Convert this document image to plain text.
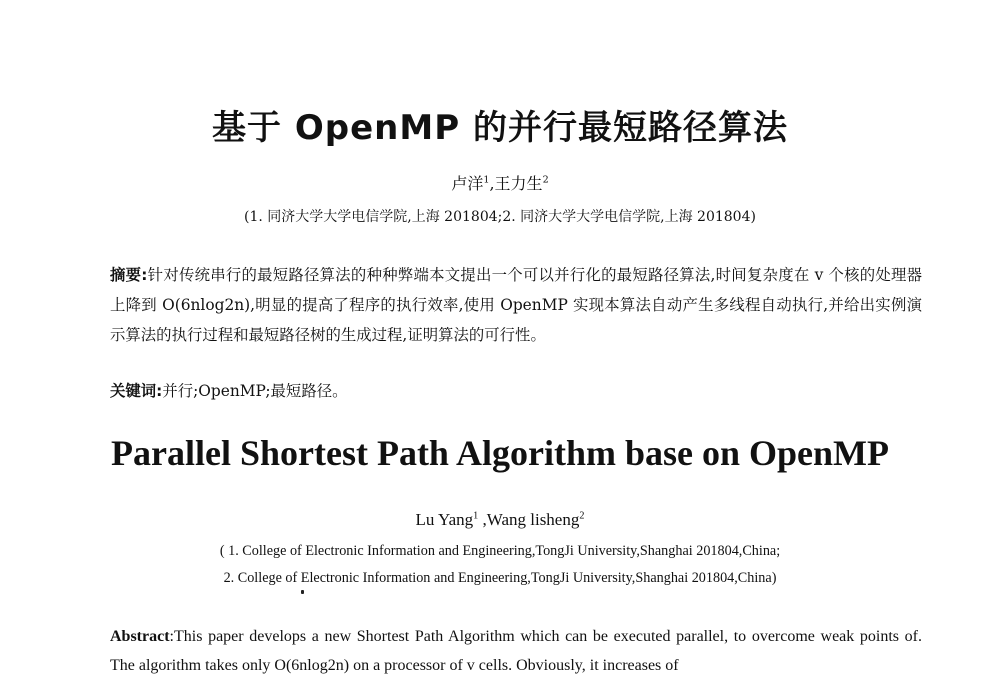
基于 OpenMP 的并行最短路径算法
卢洋$^1$,王力生$^2$
(1. 同济大学大学电信学院,上海 201804;2. 同济大学大学电信学院,上海 201804)
摘要:针对传统串行的最短路径算法的种种弊端本文提出一个可以并行化的最短路径算法,时间复杂度在 v 个核的处理器上降到 O(6nlog2n),明显的提高了程序的执行效率,使用 OpenMP 实现本算法自动产生多线程自动执行,并给出实例演示算法的执行过程和最短路径树的生成过程,证明算法的可行性。
关键词:并行;OpenMP;最短路径。
Parallel Shortest Path Algorithm base on OpenMP
Lu Yang$^1$ ,Wang lisheng$^2$
( 1. College of Electronic Information and Engineering,TongJi University,Shanghai 201804,China;
2. College of Electronic Information and Engineering,TongJi University,Shanghai 201804,China)
Abstract:This paper develops a new Shortest Path Algorithm which can be executed parallel, to overcome weak points of. The algorithm takes only O(6nlog2n) on a processor of v cells. Obviously, it increases of
